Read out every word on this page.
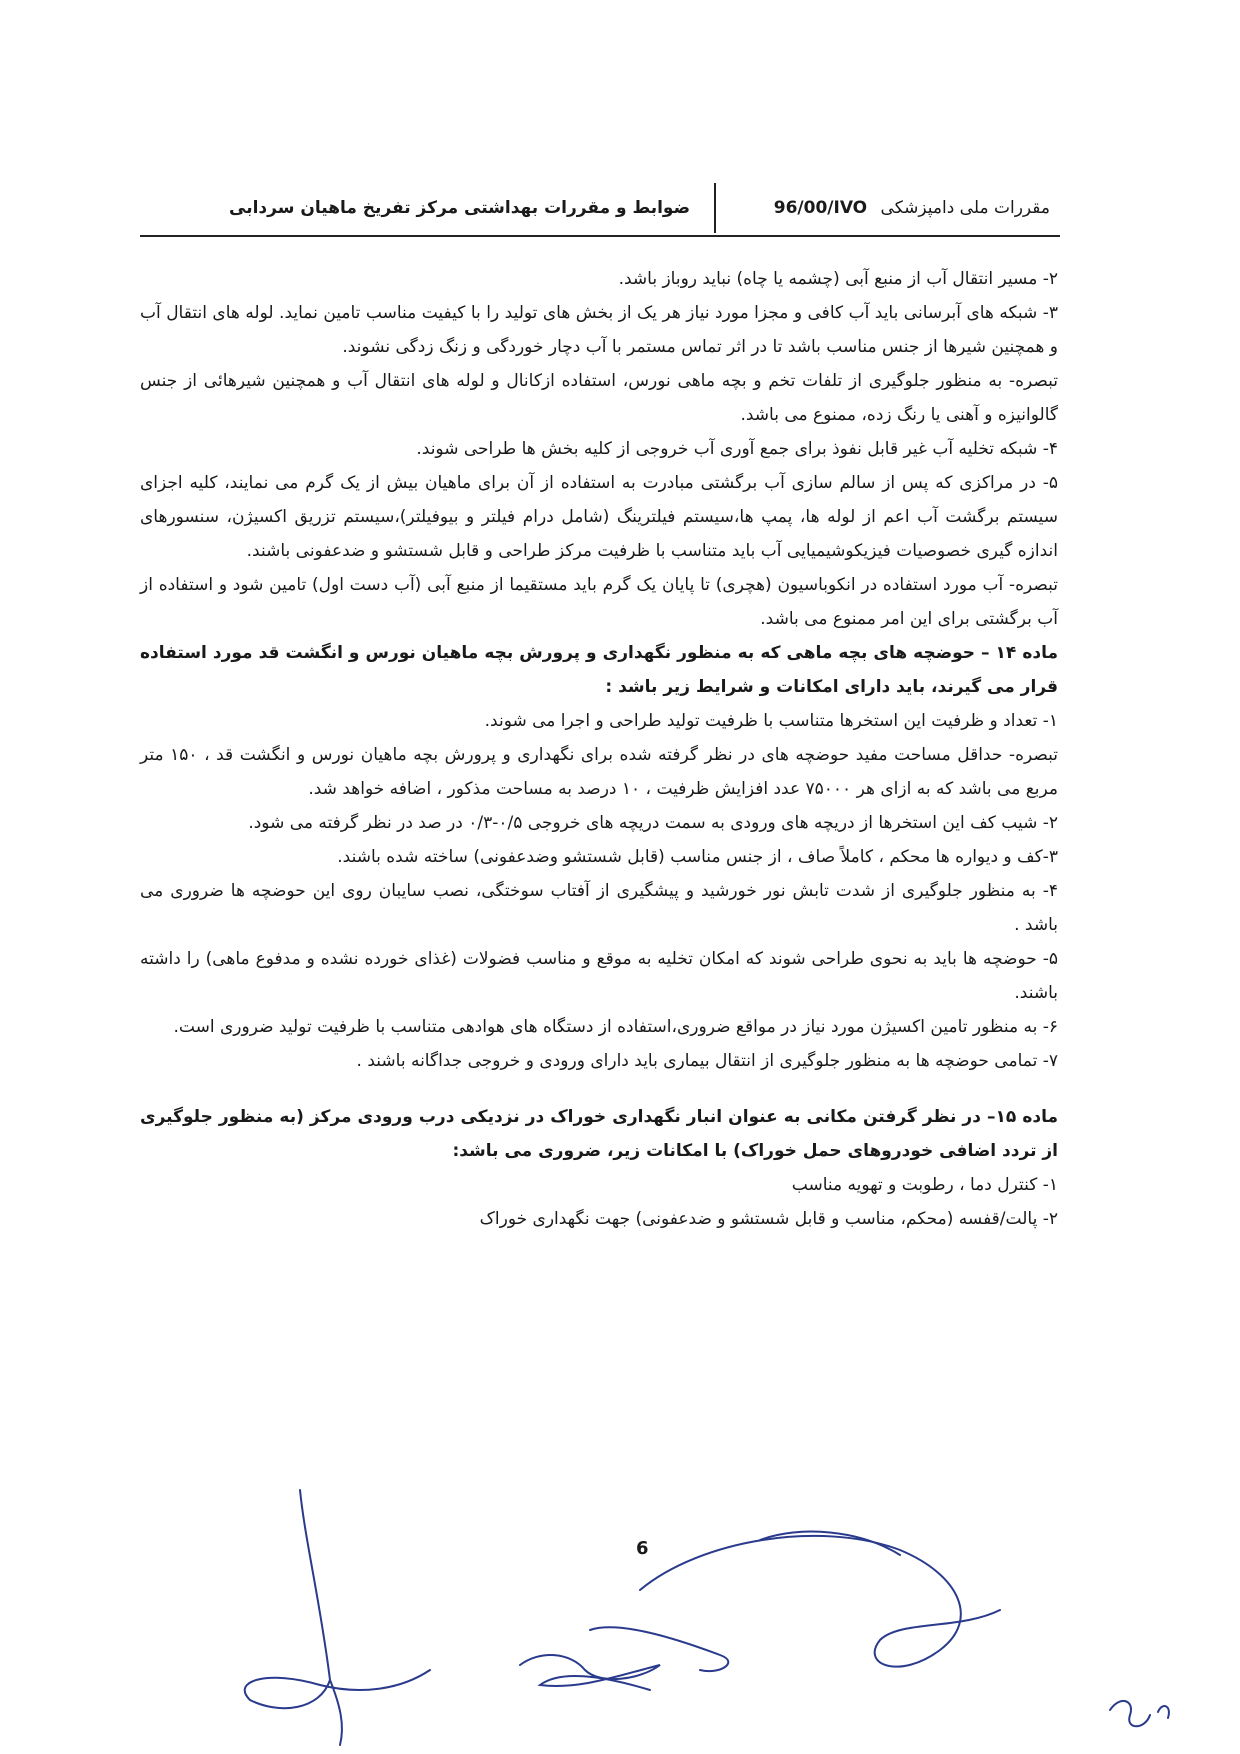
مقررات ملی دامپزشکی 96/00/IVO
ضوابط و مقررات بهداشتی مرکز تفریخ ماهیان سردابی

۲- مسیر انتقال آب از منبع آبی (چشمه یا چاه) نباید روباز باشد.

۳- شبکه های آبرسانی باید آب کافی و مجزا مورد نیاز هر یک از بخش های تولید را با کیفیت مناسب تامین نماید. لوله های انتقال آب و همچنین شیرها از جنس مناسب باشد تا در اثر تماس مستمر با آب دچار خوردگی و زنگ زدگی نشوند.

تبصره- به منظور جلوگیری از تلفات تخم و بچه ماهی نورس، استفاده ازکانال و لوله های انتقال آب و همچنین شیرهائی از جنس گالوانیزه و آهنی یا رنگ زده، ممنوع می باشد.

۴- شبکه تخلیه آب غیر قابل نفوذ برای جمع آوری آب خروجی از کلیه بخش ها طراحی شوند.

۵- در مراکزی که پس از سالم سازی آب برگشتی مبادرت به استفاده از آن برای ماهیان بیش از یک گرم می نمایند، کلیه اجزای سیستم برگشت آب اعم از لوله ها، پمپ ها،سیستم فیلترینگ (شامل درام فیلتر و بیوفیلتر)،سیستم تزریق اکسیژن، سنسورهای اندازه گیری خصوصیات فیزیکوشیمیایی آب باید متناسب با ظرفیت مرکز طراحی و قابل شستشو و ضدعفونی باشند.

تبصره- آب مورد استفاده در انکوباسیون (هچری) تا پایان یک گرم باید مستقیما از منبع آبی (آب دست اول) تامین شود و استفاده از آب برگشتی برای این امر ممنوع می باشد.

ماده ۱۴ – حوضچه های بچه ماهی که به منظور نگهداری و پرورش بچه ماهیان نورس و انگشت قد مورد استفاده قرار می گیرند، باید دارای امکانات و شرایط زیر باشد :

۱- تعداد و ظرفیت این استخرها متناسب با ظرفیت تولید طراحی و اجرا می شوند.

تبصره- حداقل مساحت مفید حوضچه های در نظر گرفته شده برای نگهداری و پرورش بچه ماهیان نورس و انگشت قد ، ۱۵۰ متر مربع می باشد که به ازای هر ۷۵۰۰۰ عدد افزایش ظرفیت ، ۱۰ درصد به مساحت مذکور ، اضافه خواهد شد.

۲- شیب کف این استخرها از دریچه های ورودی به سمت دریچه های خروجی ۰/۵-۰/۳ در صد در نظر گرفته می شود.

۳-کف و دیواره ها محکم ، کاملاً صاف ، از جنس مناسب (قابل شستشو وضدعفونی) ساخته شده باشند.

۴- به منظور جلوگیری از شدت تابش نور خورشید و پیشگیری از آفتاب سوختگی، نصب سایبان روی این حوضچه ها ضروری می باشد .

۵- حوضچه ها باید به نحوی طراحی شوند که امکان تخلیه به موقع و مناسب فضولات (غذای خورده نشده و مدفوع ماهی) را داشته باشند.

۶- به منظور تامین اکسیژن مورد نیاز در مواقع ضروری،استفاده از دستگاه های هوادهی متناسب با ظرفیت تولید ضروری است.

۷- تمامی حوضچه ها به منظور جلوگیری از انتقال بیماری باید دارای ورودی و خروجی جداگانه باشند .

ماده ۱۵– در نظر گرفتن مکانی به عنوان انبار نگهداری خوراک در نزدیکی درب ورودی مرکز (به منظور جلوگیری از تردد اضافی خودروهای حمل خوراک) با امکانات زیر، ضروری می باشد:

۱- کنترل دما ، رطوبت و تهویه مناسب

۲- پالت/قفسه (محکم، مناسب و قابل شستشو و ضدعفونی) جهت نگهداری خوراک

6
